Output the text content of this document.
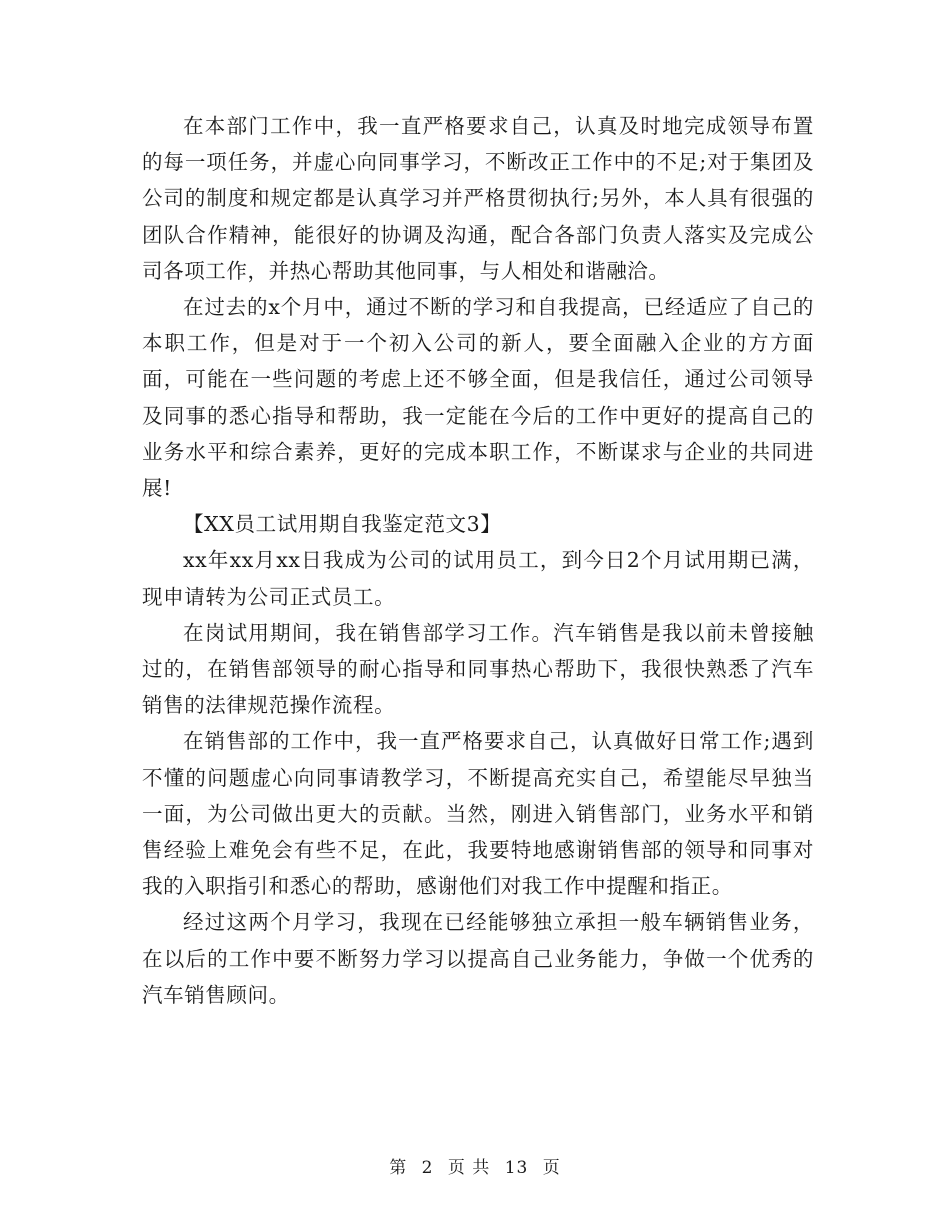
在本部门工作中，我一直严格要求自己，认真及时地完成领导布置的每一项任务，并虚心向同事学习，不断改正工作中的不足;对于集团及公司的制度和规定都是认真学习并严格贯彻执行;另外，本人具有很强的团队合作精神，能很好的协调及沟通，配合各部门负责人落实及完成公司各项工作，并热心帮助其他同事，与人相处和谐融洽。

在过去的x个月中，通过不断的学习和自我提高，已经适应了自己的本职工作，但是对于一个初入公司的新人，要全面融入企业的方方面面，可能在一些问题的考虑上还不够全面，但是我信任，通过公司领导及同事的悉心指导和帮助，我一定能在今后的工作中更好的提高自己的业务水平和综合素养，更好的完成本职工作，不断谋求与企业的共同进展!

【XX员工试用期自我鉴定范文3】

xx年xx月xx日我成为公司的试用员工，到今日2个月试用期已满，现申请转为公司正式员工。

在岗试用期间，我在销售部学习工作。汽车销售是我以前未曾接触过的，在销售部领导的耐心指导和同事热心帮助下，我很快熟悉了汽车销售的法律规范操作流程。

在销售部的工作中，我一直严格要求自己，认真做好日常工作;遇到不懂的问题虚心向同事请教学习，不断提高充实自己，希望能尽早独当一面，为公司做出更大的贡献。当然，刚进入销售部门，业务水平和销售经验上难免会有些不足，在此，我要特地感谢销售部的领导和同事对我的入职指引和悉心的帮助，感谢他们对我工作中提醒和指正。

经过这两个月学习，我现在已经能够独立承担一般车辆销售业务，在以后的工作中要不断努力学习以提高自己业务能力，争做一个优秀的汽车销售顾问。

第 2 页 共 13 页
